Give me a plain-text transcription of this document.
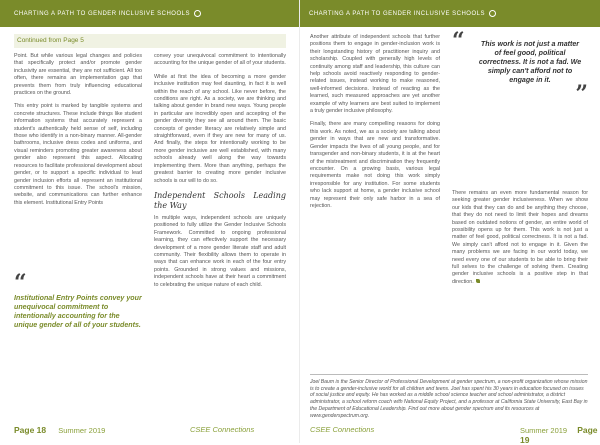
CHARTING A PATH TO GENDER INCLUSIVE SCHOOLS
Continued from Page 5

Point. But while various legal changes and policies that specifically protect and/or promote gender inclusivity are essential, they are not sufficient. All too often, there remains an implementation gap that prevents them from truly influencing educational practices on the ground.

This entry point is marked by tangible systems and concrete structures. These include things like student information systems that accurately represent a student's authentically held sense of self, including those who identify in a non-binary manner. All-gender bathrooms, inclusive dress codes and uniforms, and visual reminders promoting greater awareness about gender also represent this aspect. Allocating resources to facilitate professional development about gender, or to support a specific individual to lead gender inclusion efforts all represent an institutional commitment to this issue. The school's mission, website, and communications can further enhance this element. Institutional Entry Points

“
Institutional Entry Points convey your unequivocal commitment to intentionally accounting for the unique gender of all of your students.

convey your unequivocal commitment to intentionally accounting for the unique gender of all of your students.

While at first the idea of becoming a more gender inclusive institution may feel daunting, in fact it is well within the reach of any school. Like never before, the conditions are right. As a society, we are thinking and talking about gender in brand new ways. Young people in particular are incredibly open and accepting of the gender diversity they see all around them. The basic concepts of gender literacy are relatively simple and straightforward, even if they are new for many of us. And finally, the steps for intentionally working to be more gender inclusive are well established, with many schools already well along the way towards implementing them. More than anything, perhaps the greatest barrier to creating more gender inclusive schools is our will to do so.

Independent Schools Leading the Way

In multiple ways, independent schools are uniquely positioned to fully utilize the Gender Inclusive Schools Framework. Committed to ongoing professional learning, they can effectively support the necessary development of a more gender literate staff and adult community. Their flexibility allows them to operate in ways that can enhance work in each of the four entry points. Grounded in strong values and missions, independent schools have at their heart a commitment to celebrating the unique nature of each child.

Page 18 Summer 2019	CSEE Connections
CHARTING A PATH TO GENDER INCLUSIVE SCHOOLS

Another attribute of independent schools that further positions them to engage in gender-inclusion work is their longstanding history of practitioner inquiry and scholarship. Coupled with generally high levels of continuity among staff and leadership, this culture can help schools avoid reactively responding to gender-related issues, instead working to make reasoned, well-informed decisions. Instead of reacting as the learned, such measured approaches are yet another example of why learners are best suited to implement a truly gender inclusive philosophy.

Finally, there are many compelling reasons for doing this work. As noted, we as a society are talking about gender in ways that are new and transformative. Gender impacts the lives of all young people, and for transgender and non-binary students, it is at the heart of the mistreatment and discrimination they frequently encounter. On a growing basis, various legal requirements make not doing this work simply irresponsible for any institution. For some students who lack support at home, a gender inclusive school may represent their only safe harbor in a sea of rejection.

“	This work is not just a matter of feel good, political correctness. It is not a fad. We simply can't afford not to engage in it.
”

There remains an even more fundamental reason for seeking greater gender inclusiveness. When we show our kids that they can do and be anything they choose, that they do not need to limit their hopes and dreams based on outdated notions of gender, an entire world of possibility opens up for them. This work is not just a matter of feel good, political correctness. It is not a fad. We simply can't afford not to engage in it. Given the many problems we are facing in our world today, we need every one of our students to be able to bring their full selves to the challenge of solving them. Creating gender inclusive schools is a positive step in that direction.

Joel Baum is the Senior Director of Professional Development at gender spectrum, a non-profit organization whose mission is to create a gender-inclusive world for all children and teens. Joel has spent his 30 years in education focused on issues of social justice and equity. He has worked as a middle school science teacher and school administrator, a district administrator, a school reform coach with National Equity Project, and a professor at California State University, East Bay in the Department of Educational Leadership. Find out more about gender spectrum and its resources at www.genderspectrum.org.
CSEE Connections	Summer 2019 Page 19
